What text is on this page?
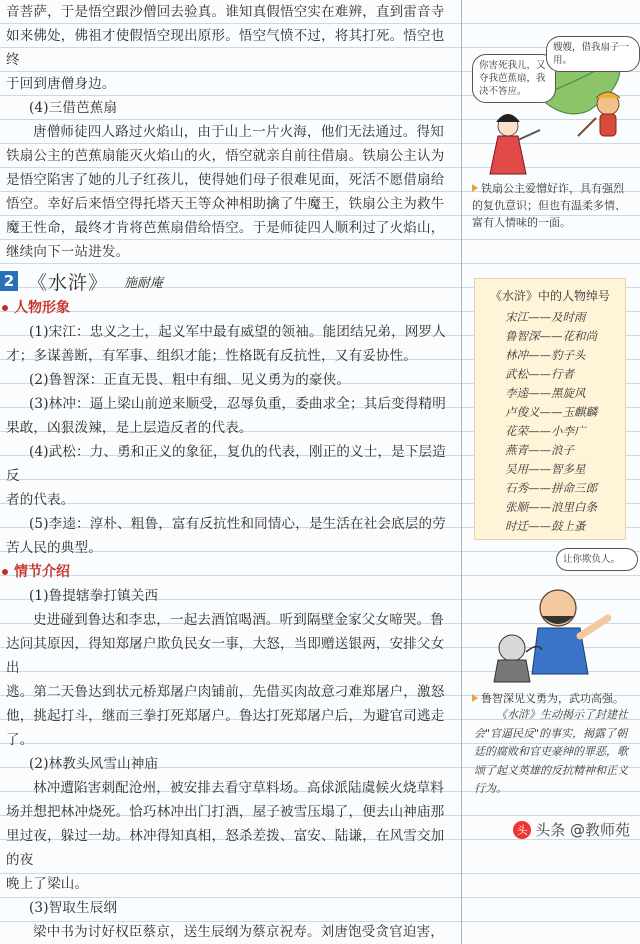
音菩萨，于是悟空跟沙僧回去验真。谁知真假悟空实在难辨，直到雷音寺

如来佛处，佛祖才使假悟空现出原形。悟空气愤不过，将其打死。悟空也终

于回到唐僧身边。

(4)三借芭蕉扇

唐僧师徒四人路过火焰山，由于山上一片火海，他们无法通过。得知

铁扇公主的芭蕉扇能灭火焰山的火，悟空就亲自前往借扇。铁扇公主认为

是悟空陷害了她的儿子红孩儿，使得她们母子很难见面，死活不愿借扇给

悟空。幸好后来悟空得托塔天王等众神相助擒了牛魔王，铁扇公主为救牛

魔王性命，最终才肯将芭蕉扇借给悟空。于是师徒四人顺利过了火焰山，

继续向下一站进发。

2 《水浒》 施耐庵
人物形象

(1)宋江：忠义之士，起义军中最有威望的领袖。能团结兄弟，网罗人

才；多谋善断，有军事、组织才能；性格既有反抗性，又有妥协性。

(2)鲁智深：正直无畏、粗中有细、见义勇为的豪侠。

(3)林冲：逼上梁山前逆来顺受，忍辱负重，委曲求全；其后变得精明

果敢，凶狠泼辣，是上层造反者的代表。

(4)武松：力、勇和正义的象征，复仇的代表，刚正的义士，是下层造反

者的代表。

(5)李逵：淳朴、粗鲁，富有反抗性和同情心，是生活在社会底层的劳

苦人民的典型。

情节介绍

(1)鲁提辖拳打镇关西

史进碰到鲁达和李忠，一起去酒馆喝酒。听到隔壁金家父女啼哭。鲁

达问其原因，得知郑屠户欺负民女一事，大怒，当即赠送银两，安排父女出

逃。第二天鲁达到状元桥郑屠户肉铺前，先借买肉故意刁难郑屠户，激怒

他，挑起打斗，继而三拳打死郑屠户。鲁达打死郑屠户后，为避官司逃走了。

(2)林教头风雪山神庙

林冲遭陷害刺配沧州，被安排去看守草料场。高俅派陆虞候火烧草料

场并想把林冲烧死。恰巧林冲出门打酒，屋子被雪压塌了，便去山神庙那

里过夜，躲过一劫。林冲得知真相，怒杀差拨、富安、陆谦，在风雪交加的夜

晚上了梁山。

(3)智取生辰纲

梁中书为讨好权臣蔡京，送生辰纲为蔡京祝寿。刘唐饱受贪官迫害，

你害死我儿，又夺我芭蕉扇，我决不答应。
嫂嫂，借我扇子一用。
铁扇公主爱憎好诈，具有强烈的复仇意识；但也有温柔多情、富有人情味的一面。
《水浒》中的人物绰号
宋江——及时雨
鲁智深——花和尚
林冲——豹子头
武松——行者
李逵——黑旋风
卢俊义——玉麒麟
花荣——小李广
燕青——浪子
吴用——智多星
石秀——拼命三郎
张顺——浪里白条
时迁——鼓上蚤
让你欺负人。
鲁智深见义勇为，武功高强。
《水浒》生动揭示了封建社会"官逼民反"的事实，揭露了朝廷的腐败和官吏豪绅的罪恶，歌颂了起义英雄的反抗精神和正义行为。
头 头条 @教师苑
